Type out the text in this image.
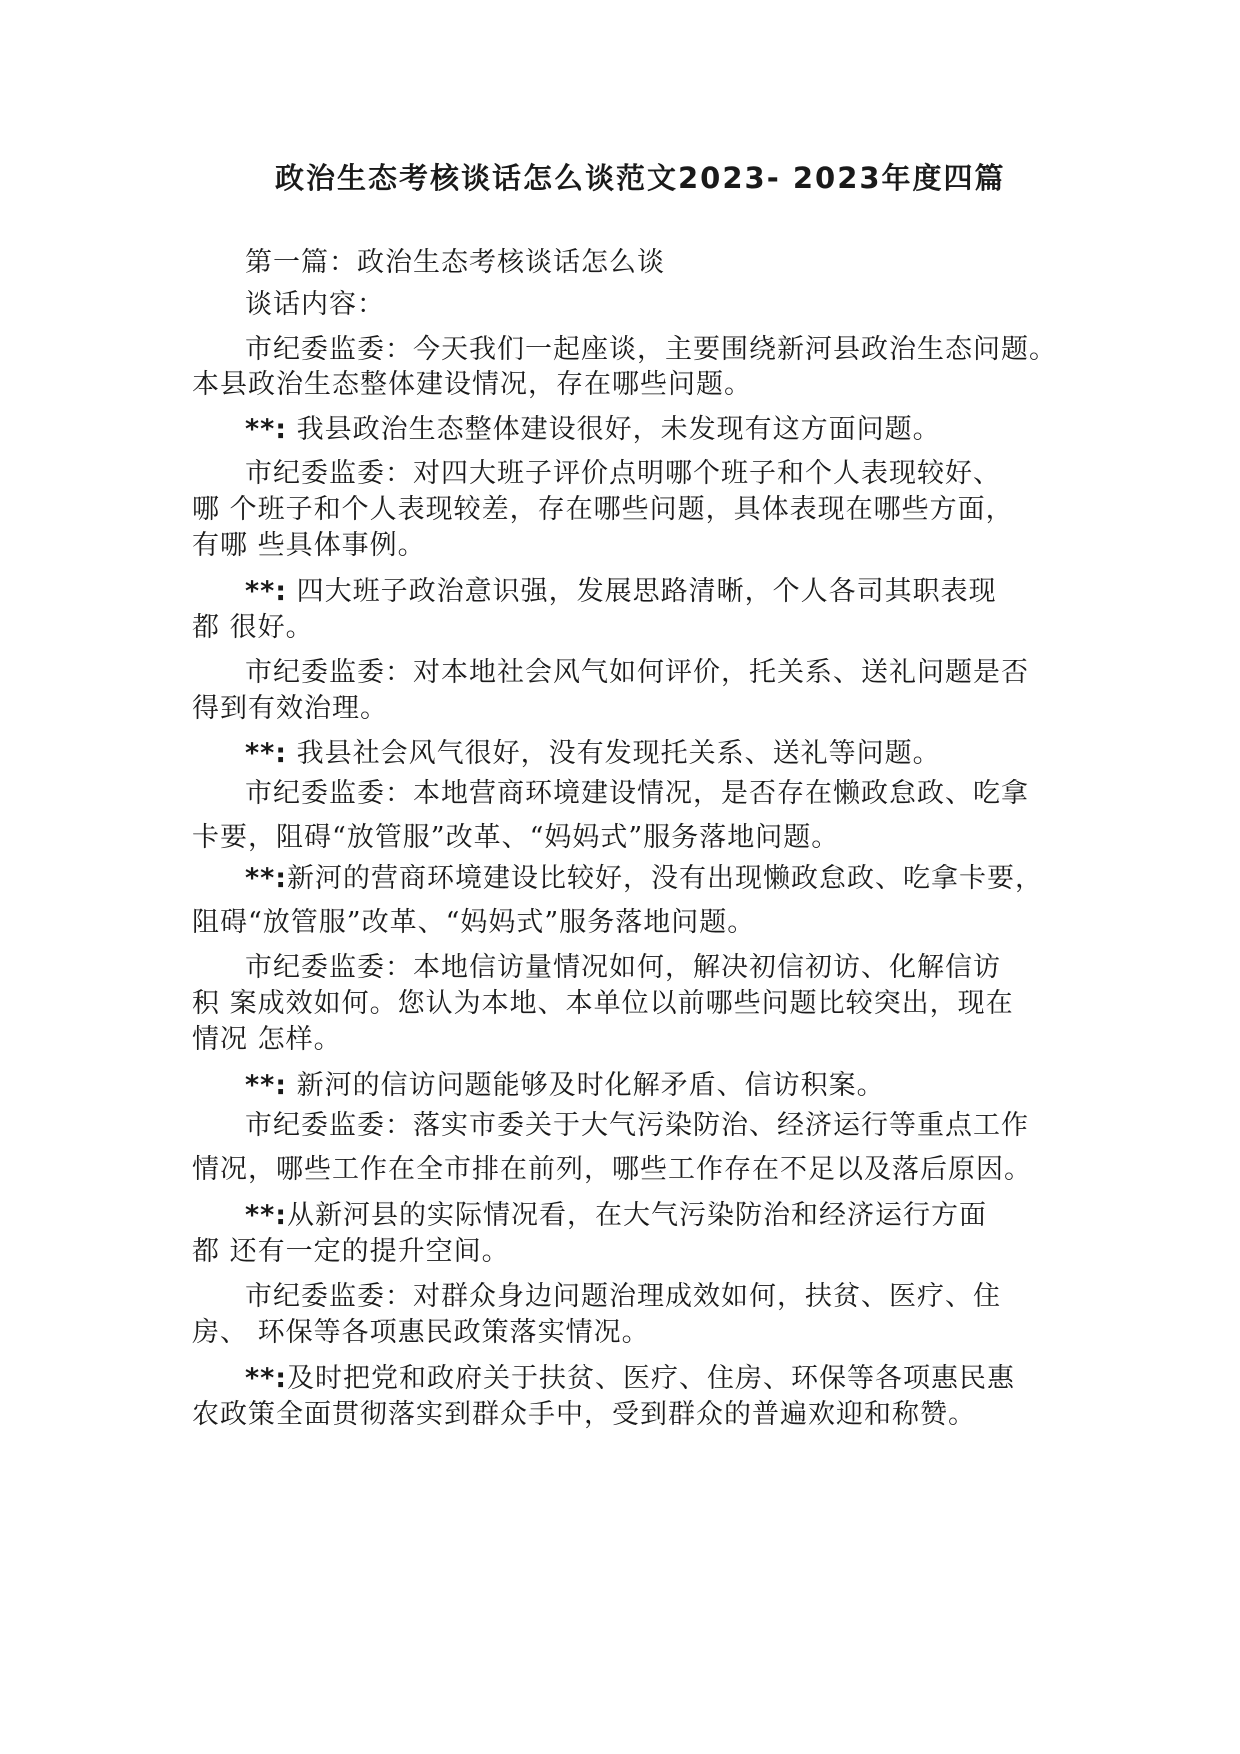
政治生态考核谈话怎么谈范文2023- 2023年度四篇
第一篇：政治生态考核谈话怎么谈
谈话内容：
市纪委监委：今天我们一起座谈，主要围绕新河县政治生态问题。
本县政治生态整体建设情况，存在哪些问题。
**: 我县政治生态整体建设很好，未发现有这方面问题。
市纪委监委：对四大班子评价点明哪个班子和个人表现较好、
哪 个班子和个人表现较差，存在哪些问题，具体表现在哪些方面，
有哪 些具体事例。
**: 四大班子政治意识强，发展思路清晰，个人各司其职表现
都 很好。
市纪委监委：对本地社会风气如何评价，托关系、送礼问题是否
得到有效治理。
**: 我县社会风气很好，没有发现托关系、送礼等问题。
市纪委监委：本地营商环境建设情况，是否存在懒政怠政、吃拿
卡要，阻碍“放管服”改革、“妈妈式”服务落地问题。
**:新河的营商环境建设比较好，没有出现懒政怠政、吃拿卡要，
阻碍“放管服”改革、“妈妈式”服务落地问题。
市纪委监委：本地信访量情况如何，解决初信初访、化解信访
积 案成效如何。您认为本地、本单位以前哪些问题比较突出，现在
情况 怎样。
**: 新河的信访问题能够及时化解矛盾、信访积案。
市纪委监委：落实市委关于大气污染防治、经济运行等重点工作
情况，哪些工作在全市排在前列，哪些工作存在不足以及落后原因。
**:从新河县的实际情况看，在大气污染防治和经济运行方面
都 还有一定的提升空间。
市纪委监委：对群众身边问题治理成效如何，扶贫、医疗、住
房、 环保等各项惠民政策落实情况。
**:及时把党和政府关于扶贫、医疗、住房、环保等各项惠民惠
农政策全面贯彻落实到群众手中，受到群众的普遍欢迎和称赞。
